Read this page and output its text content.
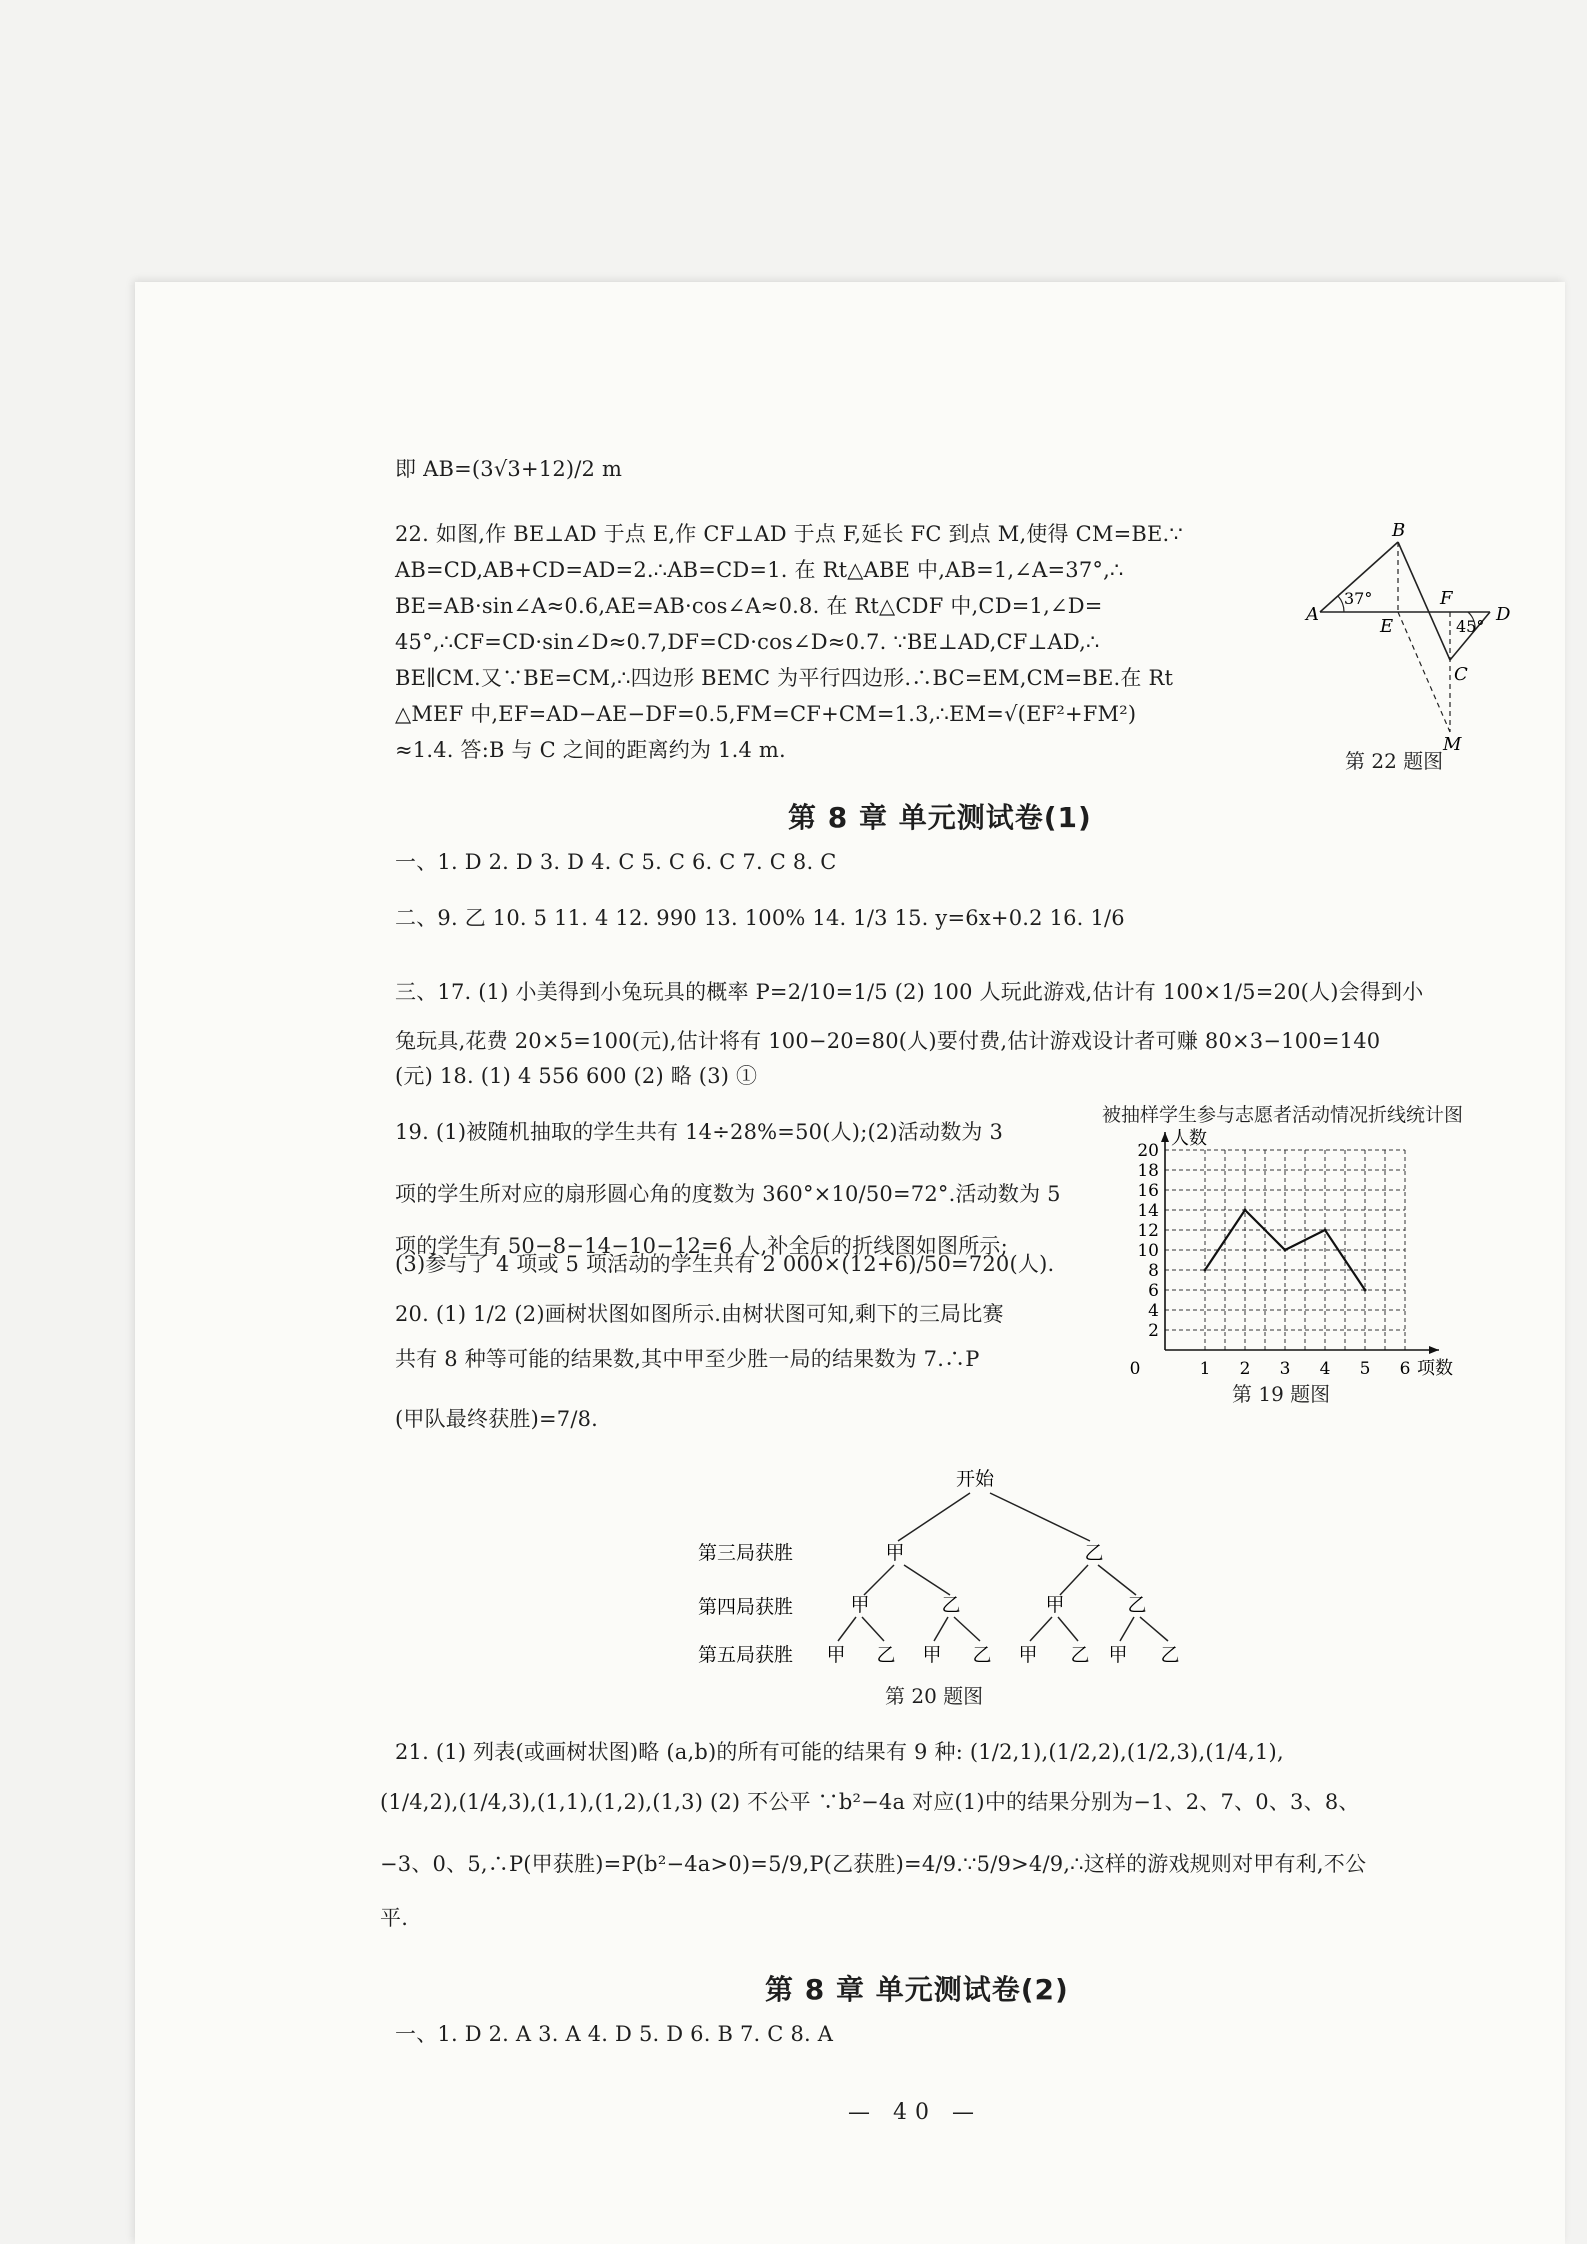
即 AB=(3√3+12)/2 m
22. 如图,作 BE⊥AD 于点 E,作 CF⊥AD 于点 F,延长 FC 到点 M,使得 CM=BE.∵
AB=CD,AB+CD=AD=2.∴AB=CD=1. 在 Rt△ABE 中,AB=1,∠A=37°,∴
BE=AB·sin∠A≈0.6,AE=AB·cos∠A≈0.8. 在 Rt△CDF 中,CD=1,∠D=
45°,∴CF=CD·sin∠D≈0.7,DF=CD·cos∠D≈0.7. ∵BE⊥AD,CF⊥AD,∴
BE∥CM.又∵BE=CM,∴四边形 BEMC 为平行四边形.∴BC=EM,CM=BE.在 Rt
△MEF 中,EF=AD−AE−DF=0.5,FM=CF+CM=1.3,∴EM=√(EF²+FM²)
≈1.4. 答:B 与 C 之间的距离约为 1.4 m.
A
B
C
D
E
F
M
37°
45°
第 22 题图
第 8 章 单元测试卷(1)
一、1. D 2. D 3. D 4. C 5. C 6. C 7. C 8. C
二、9. 乙 10. 5 11. 4 12. 990 13. 100% 14. 1/3 15. y=6x+0.2 16. 1/6
三、17. (1) 小美得到小兔玩具的概率 P=2/10=1/5 (2) 100 人玩此游戏,估计有 100×1/5=20(人)会得到小
兔玩具,花费 20×5=100(元),估计将有 100−20=80(人)要付费,估计游戏设计者可赚 80×3−100=140
(元) 18. (1) 4 556 600 (2) 略 (3) ①
19. (1)被随机抽取的学生共有 14÷28%=50(人);(2)活动数为 3
项的学生所对应的扇形圆心角的度数为 360°×10/50=72°.活动数为 5
项的学生有 50−8−14−10−12=6 人,补全后的折线图如图所示;
(3)参与了 4 项或 5 项活动的学生共有 2 000×(12+6)/50=720(人).
被抽样学生参与志愿者活动情况折线统计图
2
4
6
8
10
12
14
16
18
20
0	1 2 3 4 5 6
人数
项数
第 19 题图
20. (1) 1/2 (2)画树状图如图所示.由树状图可知,剩下的三局比赛
共有 8 种等可能的结果数,其中甲至少胜一局的结果数为 7.∴P
(甲队最终获胜)=7/8.
开始
第三局获胜
第四局获胜
第五局获胜
甲	乙
甲	乙	甲	乙
甲 乙 甲 乙 甲 乙 甲 乙
第 20 题图
21. (1) 列表(或画树状图)略 (a,b)的所有可能的结果有 9 种: (1/2,1),(1/2,2),(1/2,3),(1/4,1),
(1/4,2),(1/4,3),(1,1),(1,2),(1,3) (2) 不公平 ∵b²−4a 对应(1)中的结果分别为−1、2、7、0、3、8、
−3、0、5,∴P(甲获胜)=P(b²−4a>0)=5/9,P(乙获胜)=4/9.∵5/9>4/9,∴这样的游戏规则对甲有利,不公
平.
第 8 章 单元测试卷(2)
一、1. D 2. A 3. A 4. D 5. D 6. B 7. C 8. A
— 40 —
